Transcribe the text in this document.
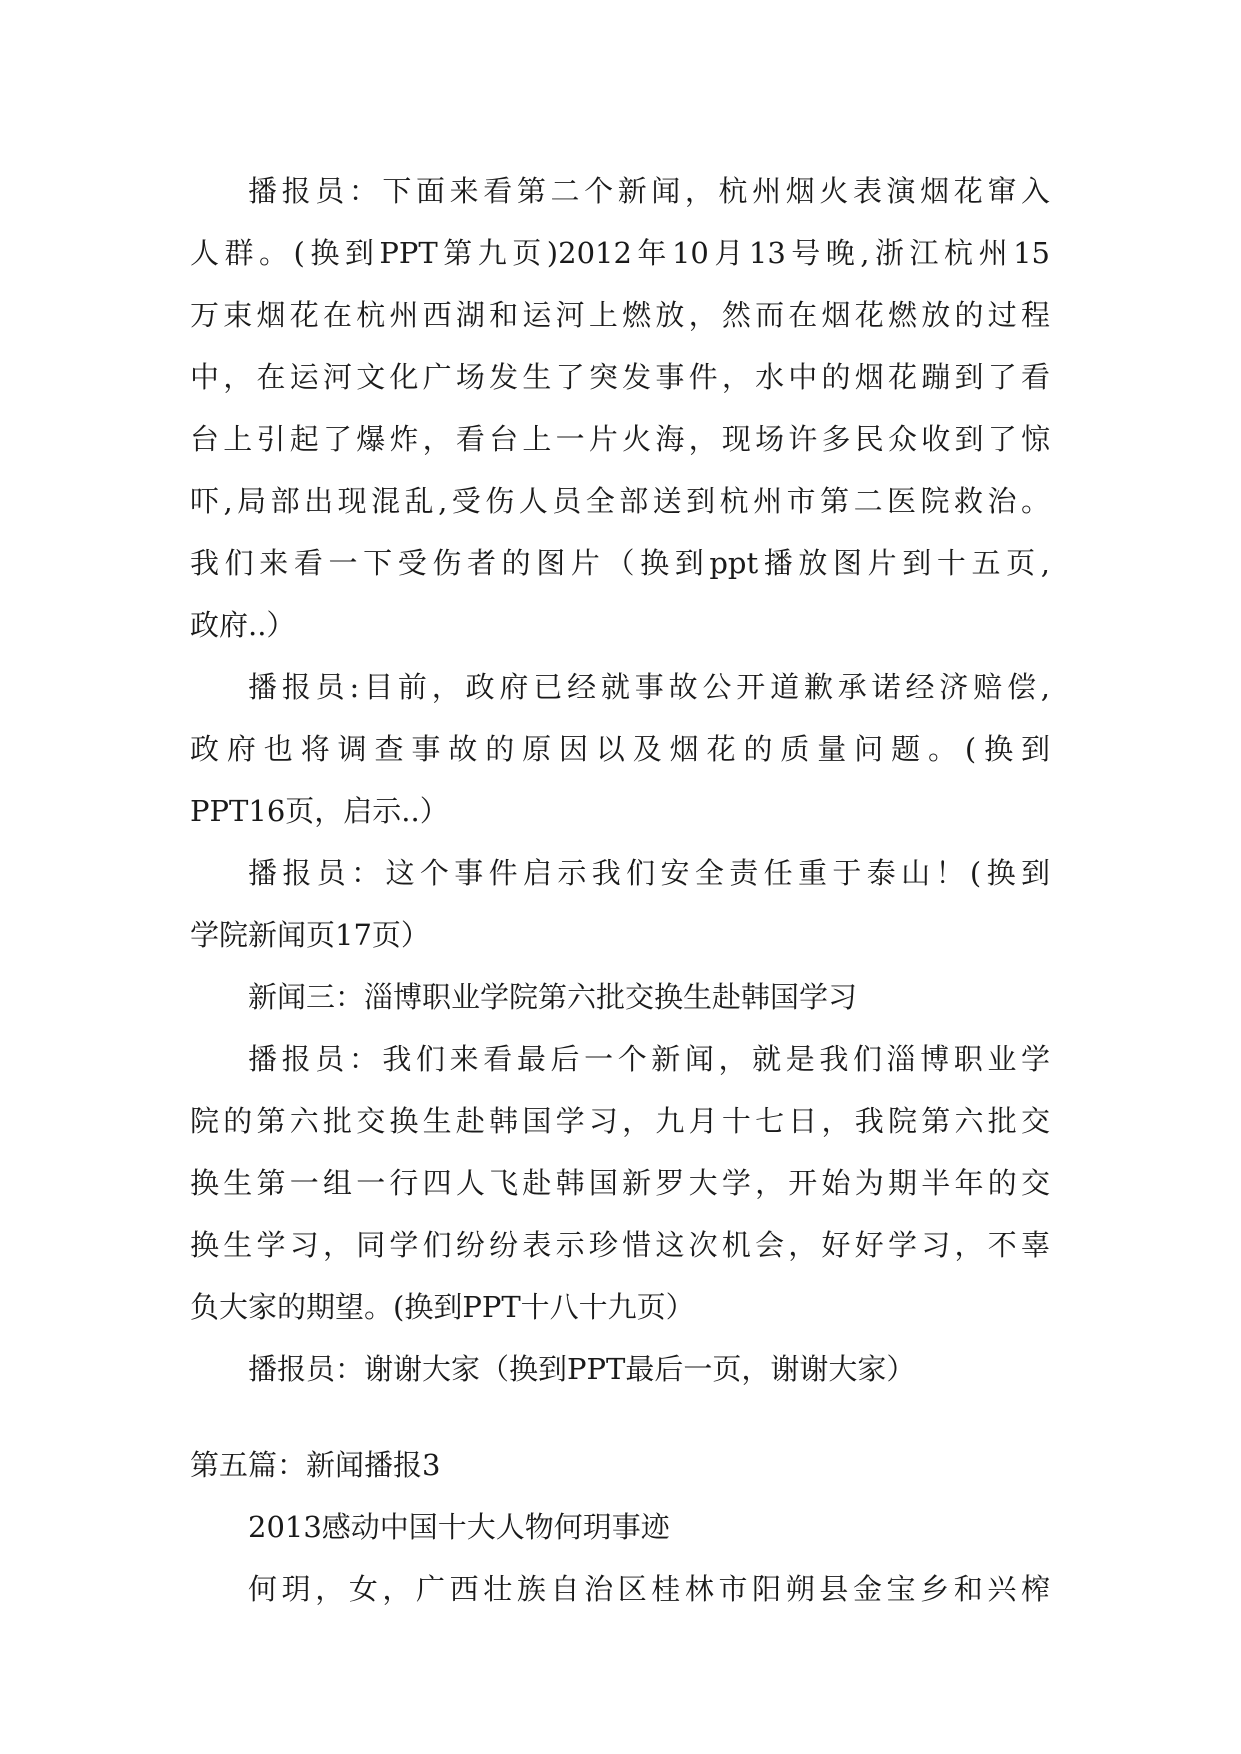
播报员：下面来看第二个新闻，杭州烟火表演烟花窜入
人群。(换到PPT第九页)2012年10月13号晚,浙江杭州15
万束烟花在杭州西湖和运河上燃放，然而在烟花燃放的过程
中，在运河文化广场发生了突发事件，水中的烟花蹦到了看
台上引起了爆炸，看台上一片火海，现场许多民众收到了惊
吓,局部出现混乱,受伤人员全部送到杭州市第二医院救治。
我们来看一下受伤者的图片（换到ppt播放图片到十五页,
政府..）
播报员:目前，政府已经就事故公开道歉承诺经济赔偿,
政府也将调查事故的原因以及烟花的质量问题。(换到
PPT16页，启示..）
播报员：这个事件启示我们安全责任重于泰山！(换到
学院新闻页17页）
新闻三：淄博职业学院第六批交换生赴韩国学习
播报员：我们来看最后一个新闻，就是我们淄博职业学
院的第六批交换生赴韩国学习，九月十七日，我院第六批交
换生第一组一行四人飞赴韩国新罗大学，开始为期半年的交
换生学习，同学们纷纷表示珍惜这次机会，好好学习，不辜
负大家的期望。(换到PPT十八十九页）
播报员：谢谢大家（换到PPT最后一页，谢谢大家）
第五篇：新闻播报3
2013感动中国十大人物何玥事迹
何玥，女，广西壮族自治区桂林市阳朔县金宝乡和兴榨
